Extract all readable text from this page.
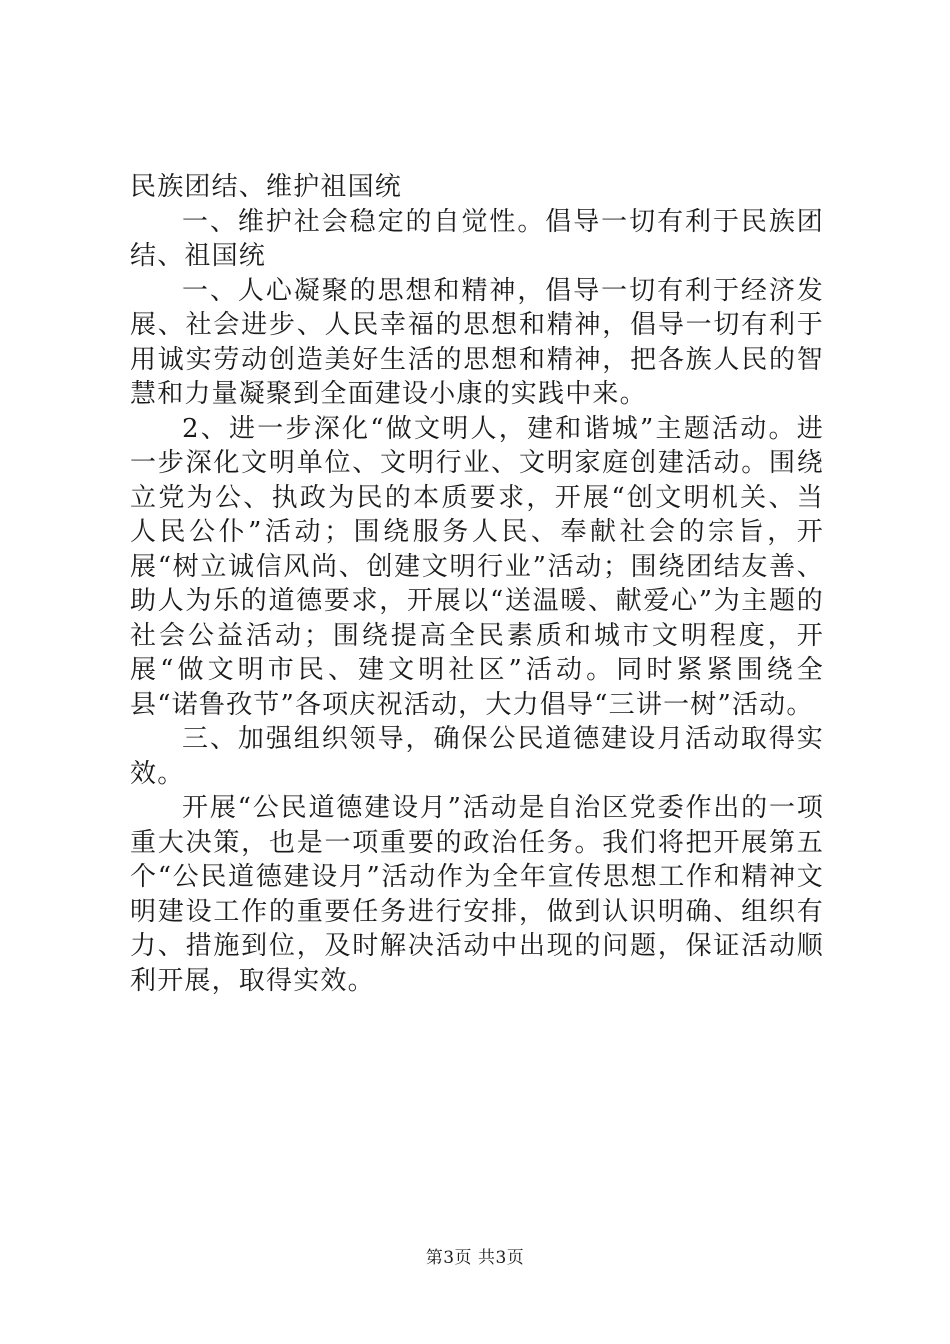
民族团结、维护祖国统

一、维护社会稳定的自觉性。倡导一切有利于民族团结、祖国统

一、人心凝聚的思想和精神，倡导一切有利于经济发展、社会进步、人民幸福的思想和精神，倡导一切有利于用诚实劳动创造美好生活的思想和精神，把各族人民的智慧和力量凝聚到全面建设小康的实践中来。

2、进一步深化“做文明人，建和谐城”主题活动。进一步深化文明单位、文明行业、文明家庭创建活动。围绕立党为公、执政为民的本质要求，开展“创文明机关、当人民公仆”活动；围绕服务人民、奉献社会的宗旨，开展“树立诚信风尚、创建文明行业”活动；围绕团结友善、助人为乐的道德要求，开展以“送温暖、献爱心”为主题的社会公益活动；围绕提高全民素质和城市文明程度，开展“做文明市民、建文明社区”活动。同时紧紧围绕全县“诺鲁孜节”各项庆祝活动，大力倡导“三讲一树”活动。

三、加强组织领导，确保公民道德建设月活动取得实效。

开展“公民道德建设月”活动是自治区党委作出的一项重大决策，也是一项重要的政治任务。我们将把开展第五个“公民道德建设月”活动作为全年宣传思想工作和精神文明建设工作的重要任务进行安排，做到认识明确、组织有力、措施到位，及时解决活动中出现的问题，保证活动顺利开展，取得实效。

第3页 共3页
